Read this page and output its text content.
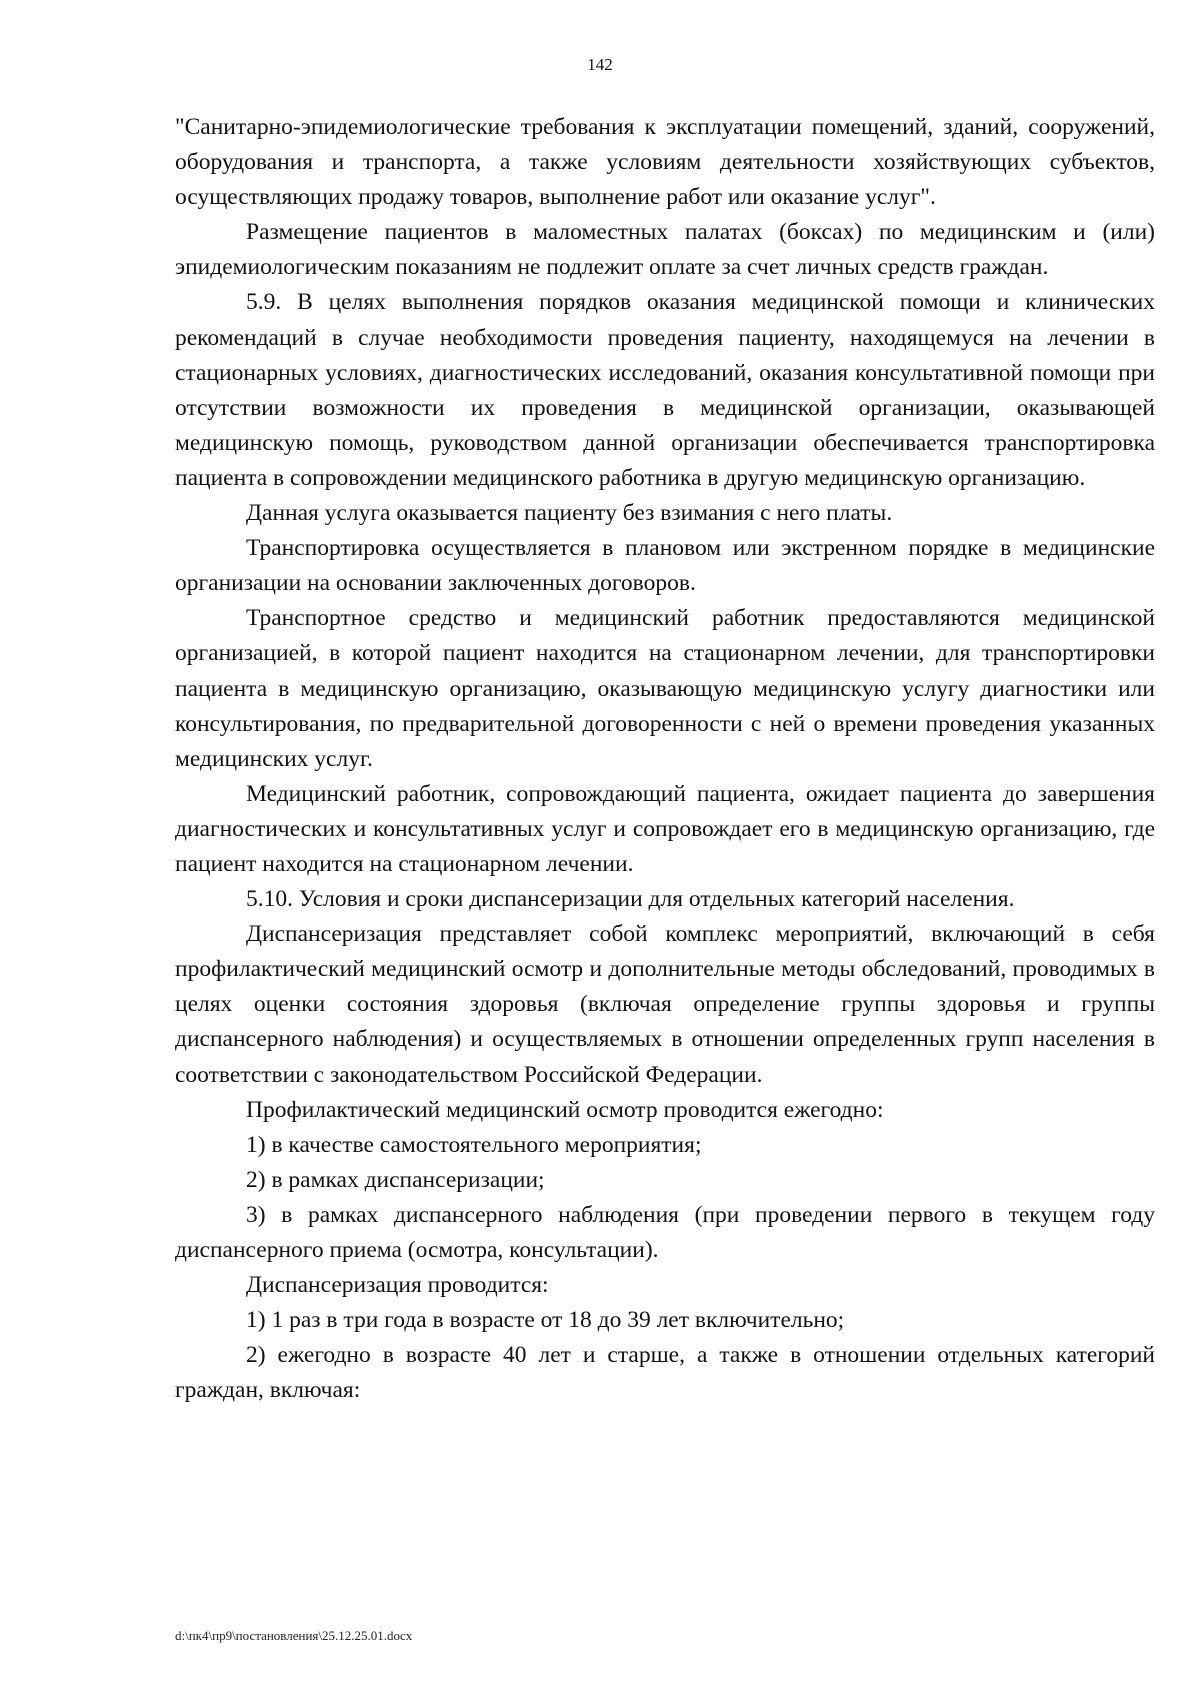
142

"Санитарно-эпидемиологические требования к эксплуатации помещений, зданий, сооружений, оборудования и транспорта, а также условиям деятельности хозяйствующих субъектов, осуществляющих продажу товаров, выполнение работ или оказание услуг".

Размещение пациентов в маломестных палатах (боксах) по медицинским и (или) эпидемиологическим показаниям не подлежит оплате за счет личных средств граждан.

5.9. В целях выполнения порядков оказания медицинской помощи и клинических рекомендаций в случае необходимости проведения пациенту, находящемуся на лечении в стационарных условиях, диагностических исследований, оказания консультативной помощи при отсутствии возможности их проведения в медицинской организации, оказывающей медицинскую помощь, руководством данной организации обеспечивается транспортировка пациента в сопровождении медицинского работника в другую медицинскую организацию.

Данная услуга оказывается пациенту без взимания с него платы.

Транспортировка осуществляется в плановом или экстренном порядке в медицинские организации на основании заключенных договоров.

Транспортное средство и медицинский работник предоставляются медицинской организацией, в которой пациент находится на стационарном лечении, для транспортировки пациента в медицинскую организацию, оказывающую медицинскую услугу диагностики или консультирования, по предварительной договоренности с ней о времени проведения указанных медицинских услуг.

Медицинский работник, сопровождающий пациента, ожидает пациента до завершения диагностических и консультативных услуг и сопровождает его в медицинскую организацию, где пациент находится на стационарном лечении.

5.10. Условия и сроки диспансеризации для отдельных категорий населения.

Диспансеризация представляет собой комплекс мероприятий, включающий в себя профилактический медицинский осмотр и дополнительные методы обследований, проводимых в целях оценки состояния здоровья (включая определение группы здоровья и группы диспансерного наблюдения) и осуществляемых в отношении определенных групп населения в соответствии с законодательством Российской Федерации.

Профилактический медицинский осмотр проводится ежегодно:

1) в качестве самостоятельного мероприятия;

2) в рамках диспансеризации;

3) в рамках диспансерного наблюдения (при проведении первого в текущем году диспансерного приема (осмотра, консультации).

Диспансеризация проводится:

1) 1 раз в три года в возрасте от 18 до 39 лет включительно;

2) ежегодно в возрасте 40 лет и старше, а также в отношении отдельных категорий граждан, включая:

d:\пк4\пр9\постановления\25.12.25.01.docx
